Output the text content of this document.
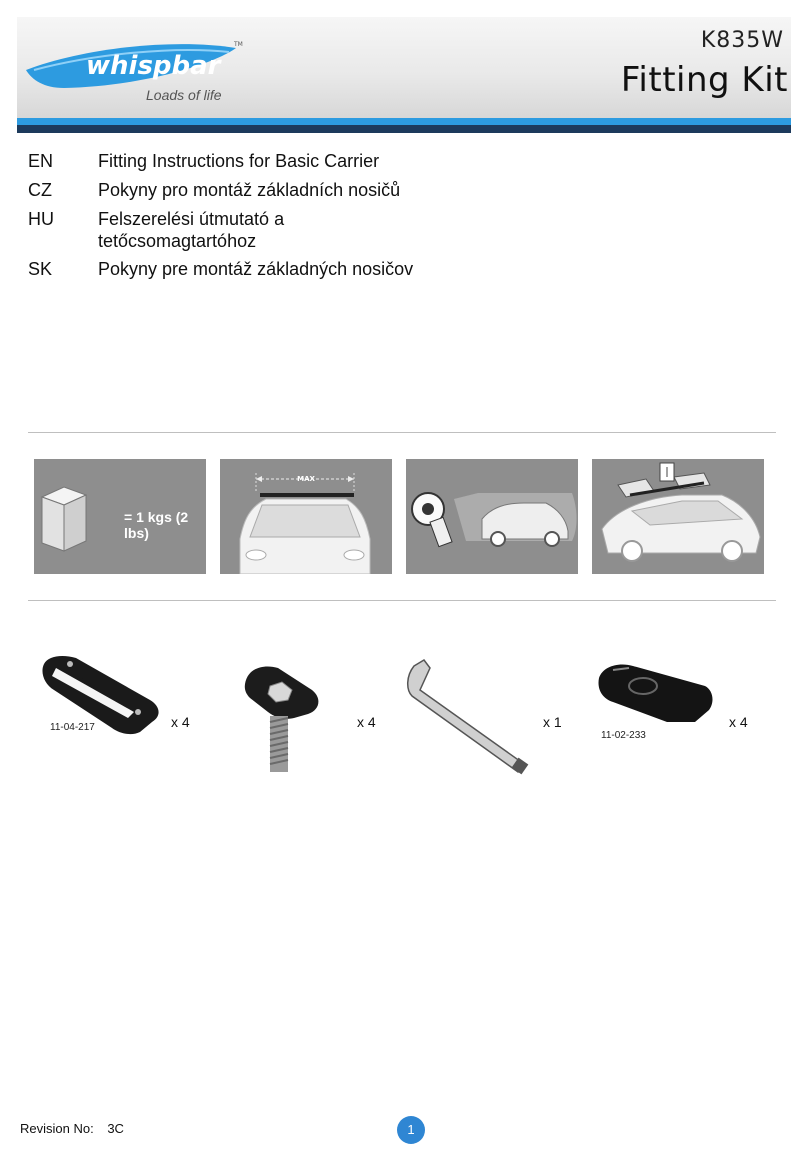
whispbar
TM
Loads of life
K835W
Fitting Kit
EN	Fitting Instructions for Basic Carrier
CZ	Pokyny pro montáž základních nosičů
HU	Felszerelési útmutató a tetőcsomagtartóhoz
SK	Pokyny pre montáž základných nosičov
= 1 kgs (2 lbs)
MAX
11-04-217	x 4	x 4	x 1
11-02-233
x 4
Revision No: 3C	1
